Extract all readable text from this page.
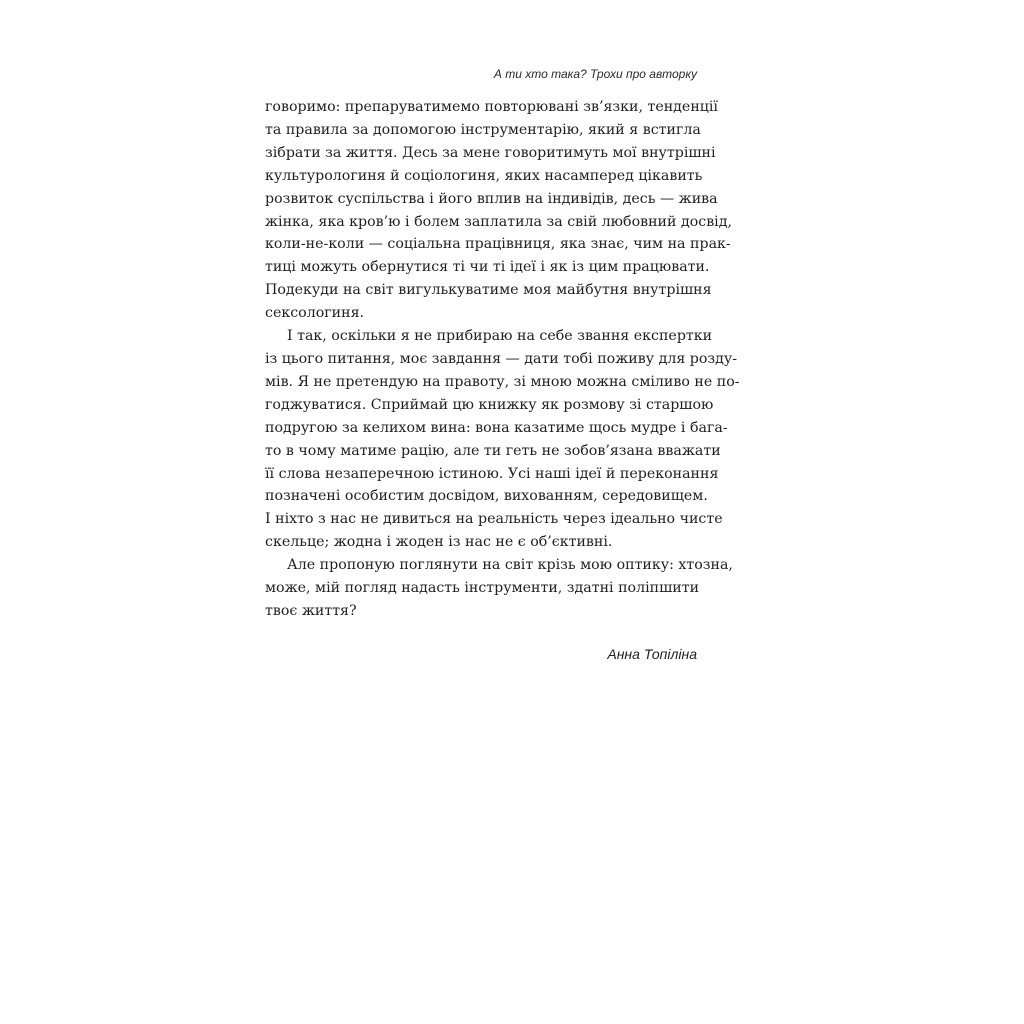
А ти хто така? Трохи про авторку

говоримо: препаруватимемо повторювані зв’язки, тенденції
та правила за допомогою інструментарію, який я встигла
зібрати за життя. Десь за мене говоритимуть мої внутрішні
культурологиня й соціологиня, яких насамперед цікавить
розвиток суспільства і його вплив на індивідів, десь — жива
жінка, яка кров’ю і болем заплатила за свій любовний досвід,
коли-не-коли — соціальна працівниця, яка знає, чим на прак-
тиці можуть обернутися ті чи ті ідеї і як із цим працювати.
Подекуди на світ вигулькуватиме моя майбутня внутрішня
сексологиня.

І так, оскільки я не прибираю на себе звання експертки
із цього питання, моє завдання — дати тобі поживу для розду-
мів. Я не претендую на правоту, зі мною можна сміливо не по-
годжуватися. Сприймай цю книжку як розмову зі старшою
подругою за келихом вина: вона казатиме щось мудре і бага-
то в чому матиме рацію, але ти геть не зобов’язана вважати
її слова незаперечною істиною. Усі наші ідеї й переконання
позначені особистим досвідом, вихованням, середовищем.
І ніхто з нас не дивиться на реальність через ідеально чисте
скельце; жодна і жоден із нас не є об’єктивні.

Але пропоную поглянути на світ крізь мою оптику: хтозна,
може, мій погляд надасть інструменти, здатні поліпшити
твоє життя?

Анна Топіліна
